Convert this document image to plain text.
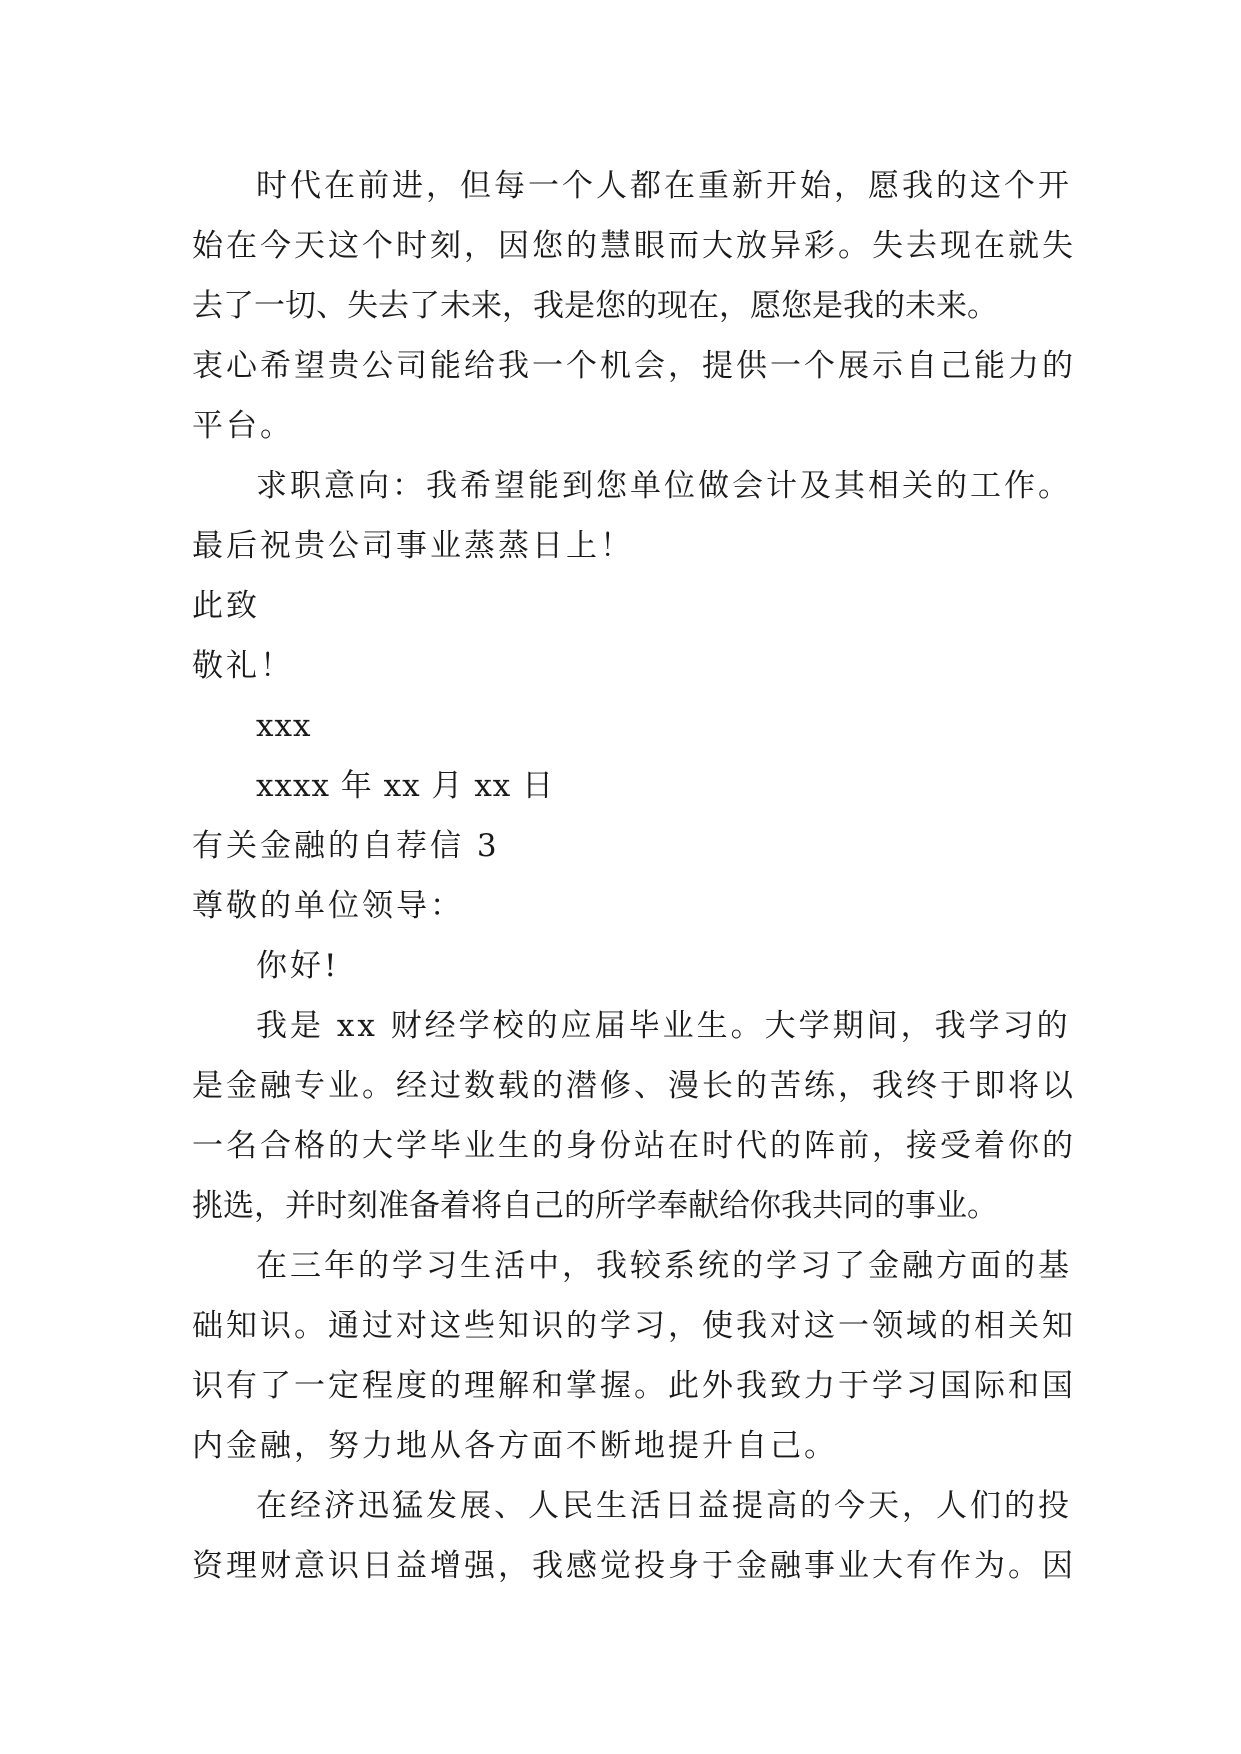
时代在前进，但每一个人都在重新开始，愿我的这个开
始在今天这个时刻，因您的慧眼而大放异彩。失去现在就失
去了一切、失去了未来，我是您的现在，愿您是我的未来。
衷心希望贵公司能给我一个机会，提供一个展示自己能力的
平台。
求职意向：我希望能到您单位做会计及其相关的工作。
最后祝贵公司事业蒸蒸日上！
此致
敬礼！
xxx
xxxx 年 xx 月 xx 日
有关金融的自荐信 3
尊敬的单位领导：
你好!
我是 xx 财经学校的应届毕业生。大学期间，我学习的
是金融专业。经过数载的潜修、漫长的苦练，我终于即将以
一名合格的大学毕业生的身份站在时代的阵前，接受着你的
挑选，并时刻准备着将自己的所学奉献给你我共同的事业。
在三年的学习生活中，我较系统的学习了金融方面的基
础知识。通过对这些知识的学习，使我对这一领域的相关知
识有了一定程度的理解和掌握。此外我致力于学习国际和国
内金融，努力地从各方面不断地提升自己。
在经济迅猛发展、人民生活日益提高的今天，人们的投
资理财意识日益增强，我感觉投身于金融事业大有作为。因
